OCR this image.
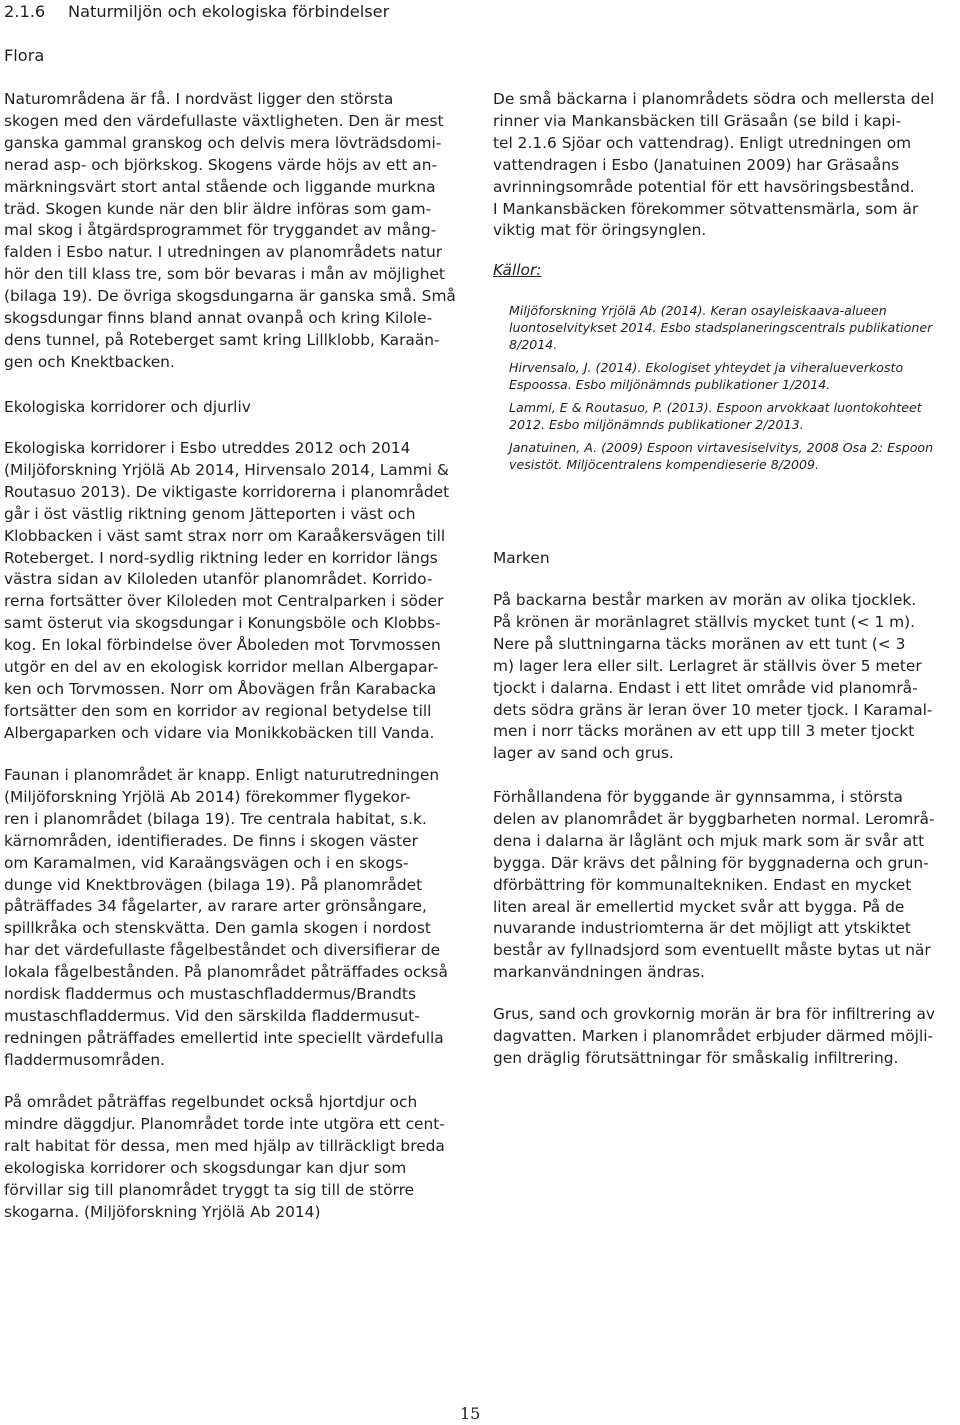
2.1.6 Naturmiljön och ekologiska förbindelser
Flora
Naturområdena är få. I nordväst ligger den största
skogen med den värdefullaste växtligheten. Den är mest
ganska gammal granskog och delvis mera lövträdsdomi-
nerad asp- och björkskog. Skogens värde höjs av ett an-
märkningsvärt stort antal stående och liggande murkna
träd. Skogen kunde när den blir äldre införas som gam-
mal skog i åtgärdsprogrammet för tryggandet av mång-
falden i Esbo natur. I utredningen av planområdets natur
hör den till klass tre, som bör bevaras i mån av möjlighet
(bilaga 19). De övriga skogsdungarna är ganska små. Små
skogsdungar finns bland annat ovanpå och kring Kilole-
dens tunnel, på Roteberget samt kring Lillklobb, Karaän-
gen och Knektbacken.
Ekologiska korridorer och djurliv
Ekologiska korridorer i Esbo utreddes 2012 och 2014
(Miljöforskning Yrjölä Ab 2014, Hirvensalo 2014, Lammi &
Routasuo 2013). De viktigaste korridorerna i planområdet
går i öst västlig riktning genom Jätteporten i väst och
Klobbacken i väst samt strax norr om Karaåkersvägen till
Roteberget. I nord-sydlig riktning leder en korridor längs
västra sidan av Kiloleden utanför planområdet. Korrido-
rerna fortsätter över Kiloleden mot Centralparken i söder
samt österut via skogsdungar i Konungsböle och Klobbs-
kog. En lokal förbindelse över Åboleden mot Torvmossen
utgör en del av en ekologisk korridor mellan Albergapar-
ken och Torvmossen. Norr om Åbovägen från Karabacka
fortsätter den som en korridor av regional betydelse till
Albergaparken och vidare via Monikkobäcken till Vanda.
Faunan i planområdet är knapp. Enligt naturutredningen
(Miljöforskning Yrjölä Ab 2014) förekommer flygekor-
ren i planområdet (bilaga 19). Tre centrala habitat, s.k.
kärnområden, identifierades. De finns i skogen väster
om Karamalmen, vid Karaängsvägen och i en skogs-
dunge vid Knektbrovägen (bilaga 19). På planområdet
påträffades 34 fågelarter, av rarare arter grönsångare,
spillkråka och stenskvätta. Den gamla skogen i nordost
har det värdefullaste fågelbeståndet och diversifierar de
lokala fågelbestånden. På planområdet påträffades också
nordisk fladdermus och mustaschfladdermus/Brandts
mustaschfladdermus. Vid den särskilda fladdermusut-
redningen påträffades emellertid inte speciellt värdefulla
fladdermusområden.
På området påträffas regelbundet också hjortdjur och
mindre däggdjur. Planområdet torde inte utgöra ett cent-
ralt habitat för dessa, men med hjälp av tillräckligt breda
ekologiska korridorer och skogsdungar kan djur som
förvillar sig till planområdet tryggt ta sig till de större
skogarna. (Miljöforskning Yrjölä Ab 2014)
De små bäckarna i planområdets södra och mellersta del
rinner via Mankansbäcken till Gräsaån (se bild i kapi-
tel 2.1.6 Sjöar och vattendrag). Enligt utredningen om
vattendragen i Esbo (Janatuinen 2009) har Gräsaåns
avrinningsområde potential för ett havsöringsbestånd.
I Mankansbäcken förekommer sötvattensmärla, som är
viktig mat för öringsynglen.
Källor:
Miljöforskning Yrjölä Ab (2014). Keran osayleiskaava-alueen
luontoselvitykset 2014. Esbo stadsplaneringscentrals publikationer
8/2014.
Hirvensalo, J. (2014). Ekologiset yhteydet ja viheralueverkosto
Espoossa. Esbo miljönämnds publikationer 1/2014.
Lammi, E & Routasuo, P. (2013). Espoon arvokkaat luontokohteet
2012. Esbo miljönämnds publikationer 2/2013.
Janatuinen, A. (2009) Espoon virtavesiselvitys, 2008 Osa 2: Espoon
vesistöt. Miljöcentralens kompendieserie 8/2009.
Marken
På backarna består marken av morän av olika tjocklek.
På krönen är moränlagret ställvis mycket tunt (< 1 m).
Nere på sluttningarna täcks moränen av ett tunt (< 3
m) lager lera eller silt. Lerlagret är ställvis över 5 meter
tjockt i dalarna. Endast i ett litet område vid planområ-
dets södra gräns är leran över 10 meter tjock. I Karamal-
men i norr täcks moränen av ett upp till 3 meter tjockt
lager av sand och grus.
Förhållandena för byggande är gynnsamma, i största
delen av planområdet är byggbarheten normal. Lerområ-
dena i dalarna är låglänt och mjuk mark som är svår att
bygga. Där krävs det pålning för byggnaderna och grun-
dförbättring för kommunaltekniken. Endast en mycket
liten areal är emellertid mycket svår att bygga. På de
nuvarande industriomterna är det möjligt att ytskiktet
består av fyllnadsjord som eventuellt måste bytas ut när
markanvändningen ändras.
Grus, sand och grovkornig morän är bra för infiltrering av
dagvatten. Marken i planområdet erbjuder därmed möjli-
gen dräglig förutsättningar för småskalig infiltrering.
15
